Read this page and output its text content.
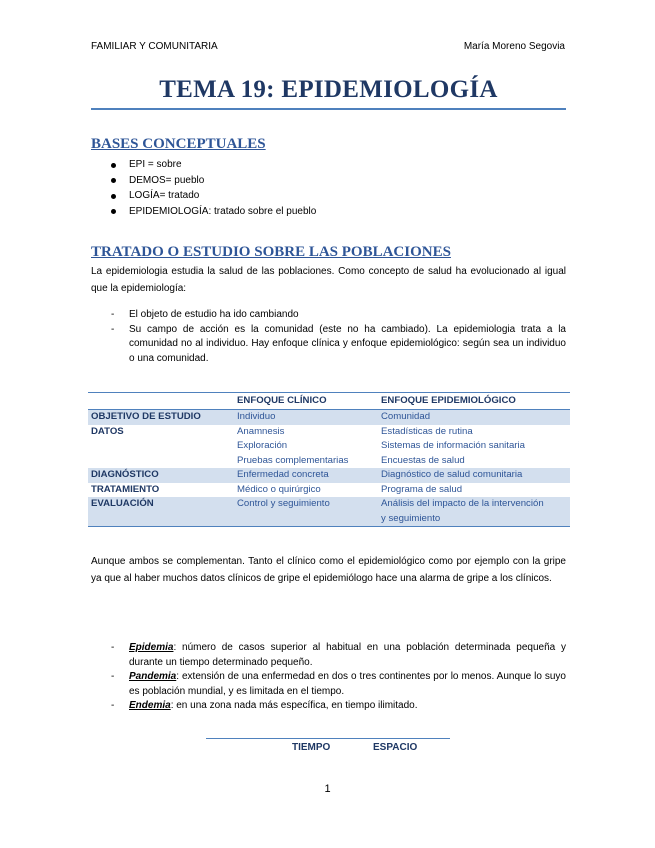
FAMILIAR Y COMUNITARIA	María Moreno Segovia
TEMA 19: EPIDEMIOLOGÍA
BASES CONCEPTUALES
EPI = sobre
DEMOS= pueblo
LOGÍA= tratado
EPIDEMIOLOGÍA: tratado sobre el pueblo
TRATADO O ESTUDIO SOBRE LAS POBLACIONES
La epidemiologia estudia la salud de las poblaciones. Como concepto de salud ha evolucionado al igual que la epidemiología:
- El objeto de estudio ha ido cambiando
- Su campo de acción es la comunidad (este no ha cambiado). La epidemiologia trata a la comunidad no al individuo. Hay enfoque clínica y enfoque epidemiológico: según sea un individuo o una comunidad.
	ENFOQUE CLÍNICO	ENFOQUE EPIDEMIOLÓGICO
OBJETIVO DE ESTUDIO	Individuo	Comunidad
DATOS	Anamnesis	Estadísticas de rutina
	Exploración	Sistemas de información sanitaria
	Pruebas complementarias	Encuestas de salud
DIAGNÓSTICO	Enfermedad concreta	Diagnóstico de salud comunitaria
TRATAMIENTO	Médico o quirúrgico	Programa de salud
EVALUACIÓN	Control y seguimiento	Análisis del impacto de la intervención
		y seguimiento
Aunque ambos se complementan. Tanto el clínico como el epidemiológico como por ejemplo con la gripe ya que al haber muchos datos clínicos de gripe el epidemiólogo hace una alarma de gripe a los clínicos.
- Epidemia: número de casos superior al habitual en una población determinada pequeña y durante un tiempo determinado pequeño.
- Pandemia: extensión de una enfermedad en dos o tres continentes por lo menos. Aunque lo suyo es población mundial, y es limitada en el tiempo.
- Endemia: en una zona nada más específica, en tiempo ilimitado.
TIEMPO	ESPACIO
1
